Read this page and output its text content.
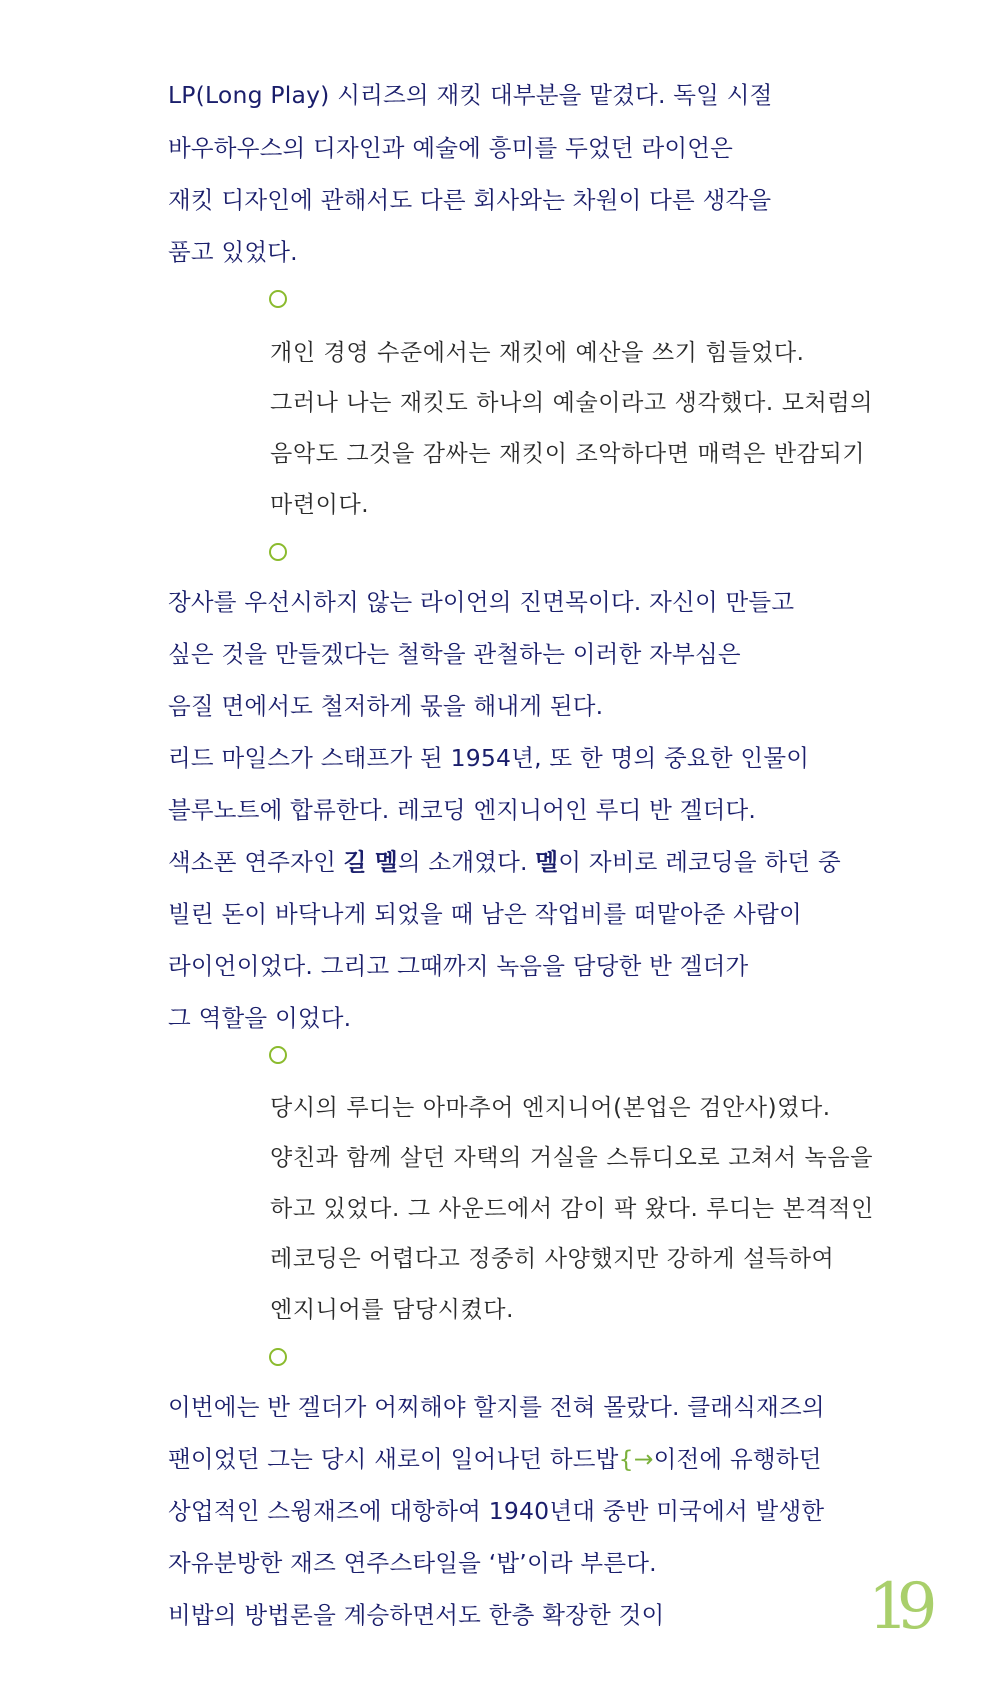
LP(Long Play) 시리즈의 재킷 대부분을 맡겼다. 독일 시절

바우하우스의 디자인과 예술에 흥미를 두었던 라이언은

재킷 디자인에 관해서도 다른 회사와는 차원이 다른 생각을

품고 있었다.

개인 경영 수준에서는 재킷에 예산을 쓰기 힘들었다.

그러나 나는 재킷도 하나의 예술이라고 생각했다. 모처럼의

음악도 그것을 감싸는 재킷이 조악하다면 매력은 반감되기

마련이다.

장사를 우선시하지 않는 라이언의 진면목이다. 자신이 만들고

싶은 것을 만들겠다는 철학을 관철하는 이러한 자부심은

음질 면에서도 철저하게 몫을 해내게 된다.

리드 마일스가 스태프가 된 1954년, 또 한 명의 중요한 인물이

블루노트에 합류한다. 레코딩 엔지니어인 루디 반 겔더다.

색소폰 연주자인 길 멜의 소개였다. 멜이 자비로 레코딩을 하던 중

빌린 돈이 바닥나게 되었을 때 남은 작업비를 떠맡아준 사람이

라이언이었다. 그리고 그때까지 녹음을 담당한 반 겔더가

그 역할을 이었다.

당시의 루디는 아마추어 엔지니어(본업은 검안사)였다.

양친과 함께 살던 자택의 거실을 스튜디오로 고쳐서 녹음을

하고 있었다. 그 사운드에서 감이 팍 왔다. 루디는 본격적인

레코딩은 어렵다고 정중히 사양했지만 강하게 설득하여

엔지니어를 담당시켰다.

이번에는 반 겔더가 어찌해야 할지를 전혀 몰랐다. 클래식재즈의

팬이었던 그는 당시 새로이 일어나던 하드밥{→이전에 유행하던

상업적인 스윙재즈에 대항하여 1940년대 중반 미국에서 발생한

자유분방한 재즈 연주스타일을 ‘밥’이라 부른다.

비밥의 방법론을 계승하면서도 한층 확장한 것이	19
